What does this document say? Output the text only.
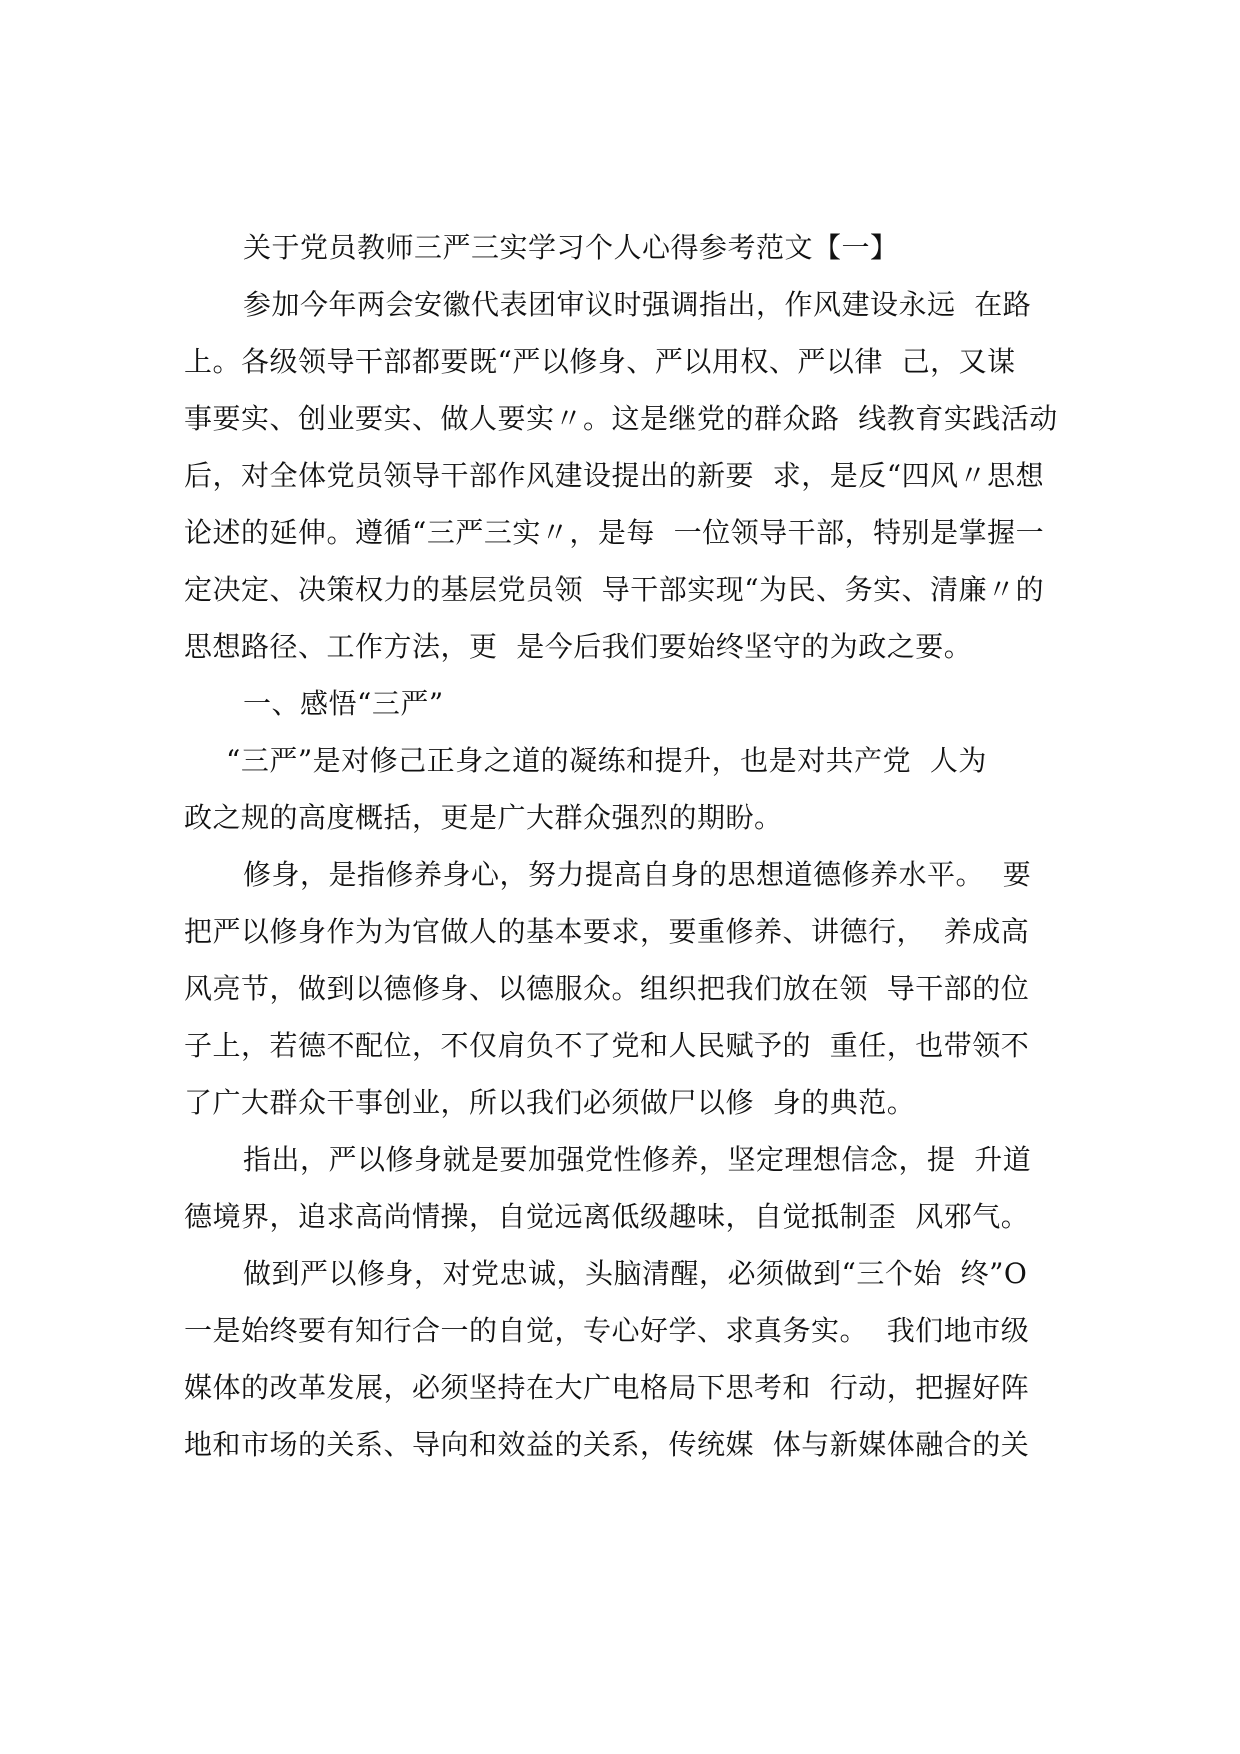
关于党员教师三严三实学习个人心得参考范文【一】
参加今年两会安徽代表团审议时强调指出，作风建设永远  在路
上。各级领导干部都要既“严以修身、严以用权、严以律  己，又谋
事要实、创业要实、做人要实〃。这是继党的群众路  线教育实践活动
后，对全体党员领导干部作风建设提出的新要  求，是反“四风〃思想
论述的延伸。遵循“三严三实〃，是每  一位领导干部，特别是掌握一
定决定、决策权力的基层党员领  导干部实现“为民、务实、清廉〃的
思想路径、工作方法，更  是今后我们要始终坚守的为政之要。
一、感悟“三严”
“三严”是对修己正身之道的凝练和提升，也是对共产党  人为
政之规的高度概括，更是广大群众强烈的期盼。
修身，是指修养身心，努力提高自身的思想道德修养水平。  要
把严以修身作为为官做人的基本要求，要重修养、讲德行，  养成高
风亮节，做到以德修身、以德服众。组织把我们放在领  导干部的位
子上，若德不配位，不仅肩负不了党和人民赋予的  重任，也带领不
了广大群众干事创业，所以我们必须做尸以修  身的典范。
指出，严以修身就是要加强党性修养，坚定理想信念，提  升道
德境界，追求高尚情操，自觉远离低级趣味，自觉抵制歪  风邪气。
做到严以修身，对党忠诚，头脑清醒，必须做到“三个始  终”O
一是始终要有知行合一的自觉，专心好学、求真务实。  我们地市级
媒体的改革发展，必须坚持在大广电格局下思考和  行动，把握好阵
地和市场的关系、导向和效益的关系，传统媒  体与新媒体融合的关
